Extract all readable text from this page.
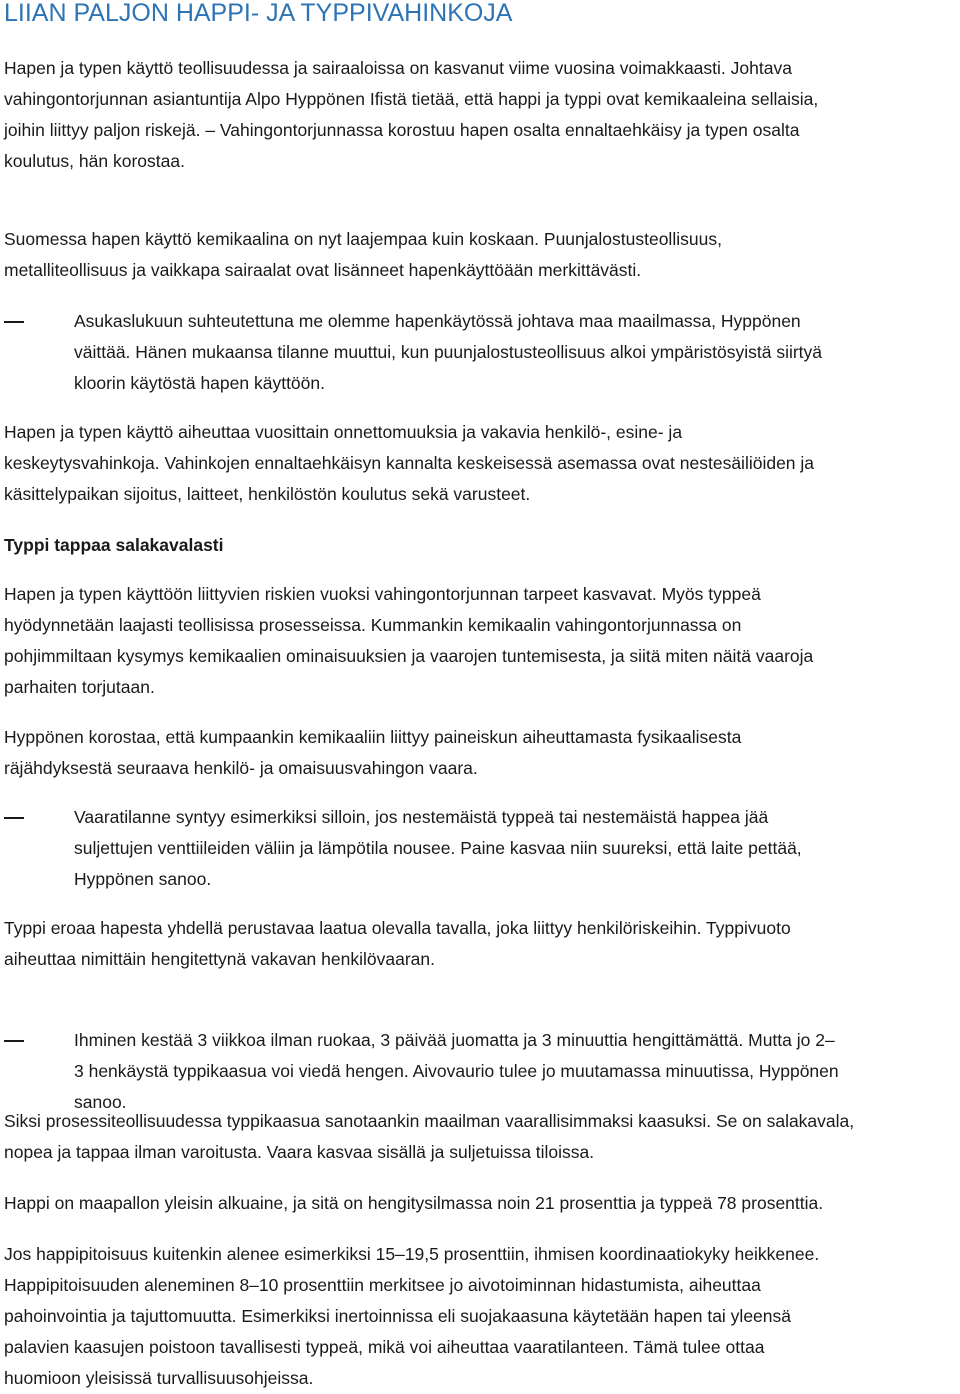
LIIAN PALJON HAPPI- JA TYPPIVAHINKOJA
Hapen ja typen käyttö teollisuudessa ja sairaaloissa on kasvanut viime vuosina voimakkaasti. Johtava
vahingontorjunnan asiantuntija Alpo Hyppönen Ifistä tietää, että happi ja typpi ovat kemikaaleina sellaisia,
joihin liittyy paljon riskejä. – Vahingontorjunnassa korostuu hapen osalta ennaltaehkäisy ja typen osalta
koulutus, hän korostaa.
Suomessa hapen käyttö kemikaalina on nyt laajempaa kuin koskaan. Puunjalostusteollisuus,
metalliteollisuus ja vaikkapa sairaalat ovat lisänneet hapenkäyttöään merkittävästi.
Asukaslukuun suhteutettuna me olemme hapenkäytössä johtava maa maailmassa, Hyppönen
väittää. Hänen mukaansa tilanne muuttui, kun puunjalostusteollisuus alkoi ympäristösyistä siirtyä
kloorin käytöstä hapen käyttöön.
Hapen ja typen käyttö aiheuttaa vuosittain onnettomuuksia ja vakavia henkilö-, esine- ja
keskeytysvahinkoja. Vahinkojen ennaltaehkäisyn kannalta keskeisessä asemassa ovat nestesäiliöiden ja
käsittelypaikan sijoitus, laitteet, henkilöstön koulutus sekä varusteet.
Typpi tappaa salakavalasti
Hapen ja typen käyttöön liittyvien riskien vuoksi vahingontorjunnan tarpeet kasvavat. Myös typpeä
hyödynnetään laajasti teollisissa prosesseissa. Kummankin kemikaalin vahingontorjunnassa on
pohjimmiltaan kysymys kemikaalien ominaisuuksien ja vaarojen tuntemisesta, ja siitä miten näitä vaaroja
parhaiten torjutaan.
Hyppönen korostaa, että kumpaankin kemikaaliin liittyy paineiskun aiheuttamasta fysikaalisesta
räjähdyksestä seuraava henkilö- ja omaisuusvahingon vaara.
Vaaratilanne syntyy esimerkiksi silloin, jos nestemäistä typpeä tai nestemäistä happea jää
suljettujen venttiileiden väliin ja lämpötila nousee. Paine kasvaa niin suureksi, että laite pettää,
Hyppönen sanoo.
Typpi eroaa hapesta yhdellä perustavaa laatua olevalla tavalla, joka liittyy henkilöriskeihin. Typpivuoto
aiheuttaa nimittäin hengitettynä vakavan henkilövaaran.
Ihminen kestää 3 viikkoa ilman ruokaa, 3 päivää juomatta ja 3 minuuttia hengittämättä. Mutta jo 2–
3 henkäystä typpikaasua voi viedä hengen. Aivovaurio tulee jo muutamassa minuutissa, Hyppönen
sanoo.
Siksi prosessiteollisuudessa typpikaasua sanotaankin maailman vaarallisimmaksi kaasuksi. Se on salakavala,
nopea ja tappaa ilman varoitusta. Vaara kasvaa sisällä ja suljetuissa tiloissa.
Happi on maapallon yleisin alkuaine, ja sitä on hengitysilmassa noin 21 prosenttia ja typpeä 78 prosenttia.
Jos happipitoisuus kuitenkin alenee esimerkiksi 15–19,5 prosenttiin, ihmisen koordinaatiokyky heikkenee.
Happipitoisuuden aleneminen 8–10 prosenttiin merkitsee jo aivotoiminnan hidastumista, aiheuttaa
pahoinvointia ja tajuttomuutta. Esimerkiksi inertoinnissa eli suojakaasuna käytetään hapen tai yleensä
palavien kaasujen poistoon tavallisesti typpeä, mikä voi aiheuttaa vaaratilanteen. Tämä tulee ottaa
huomioon yleisissä turvallisuusohjeissa.
